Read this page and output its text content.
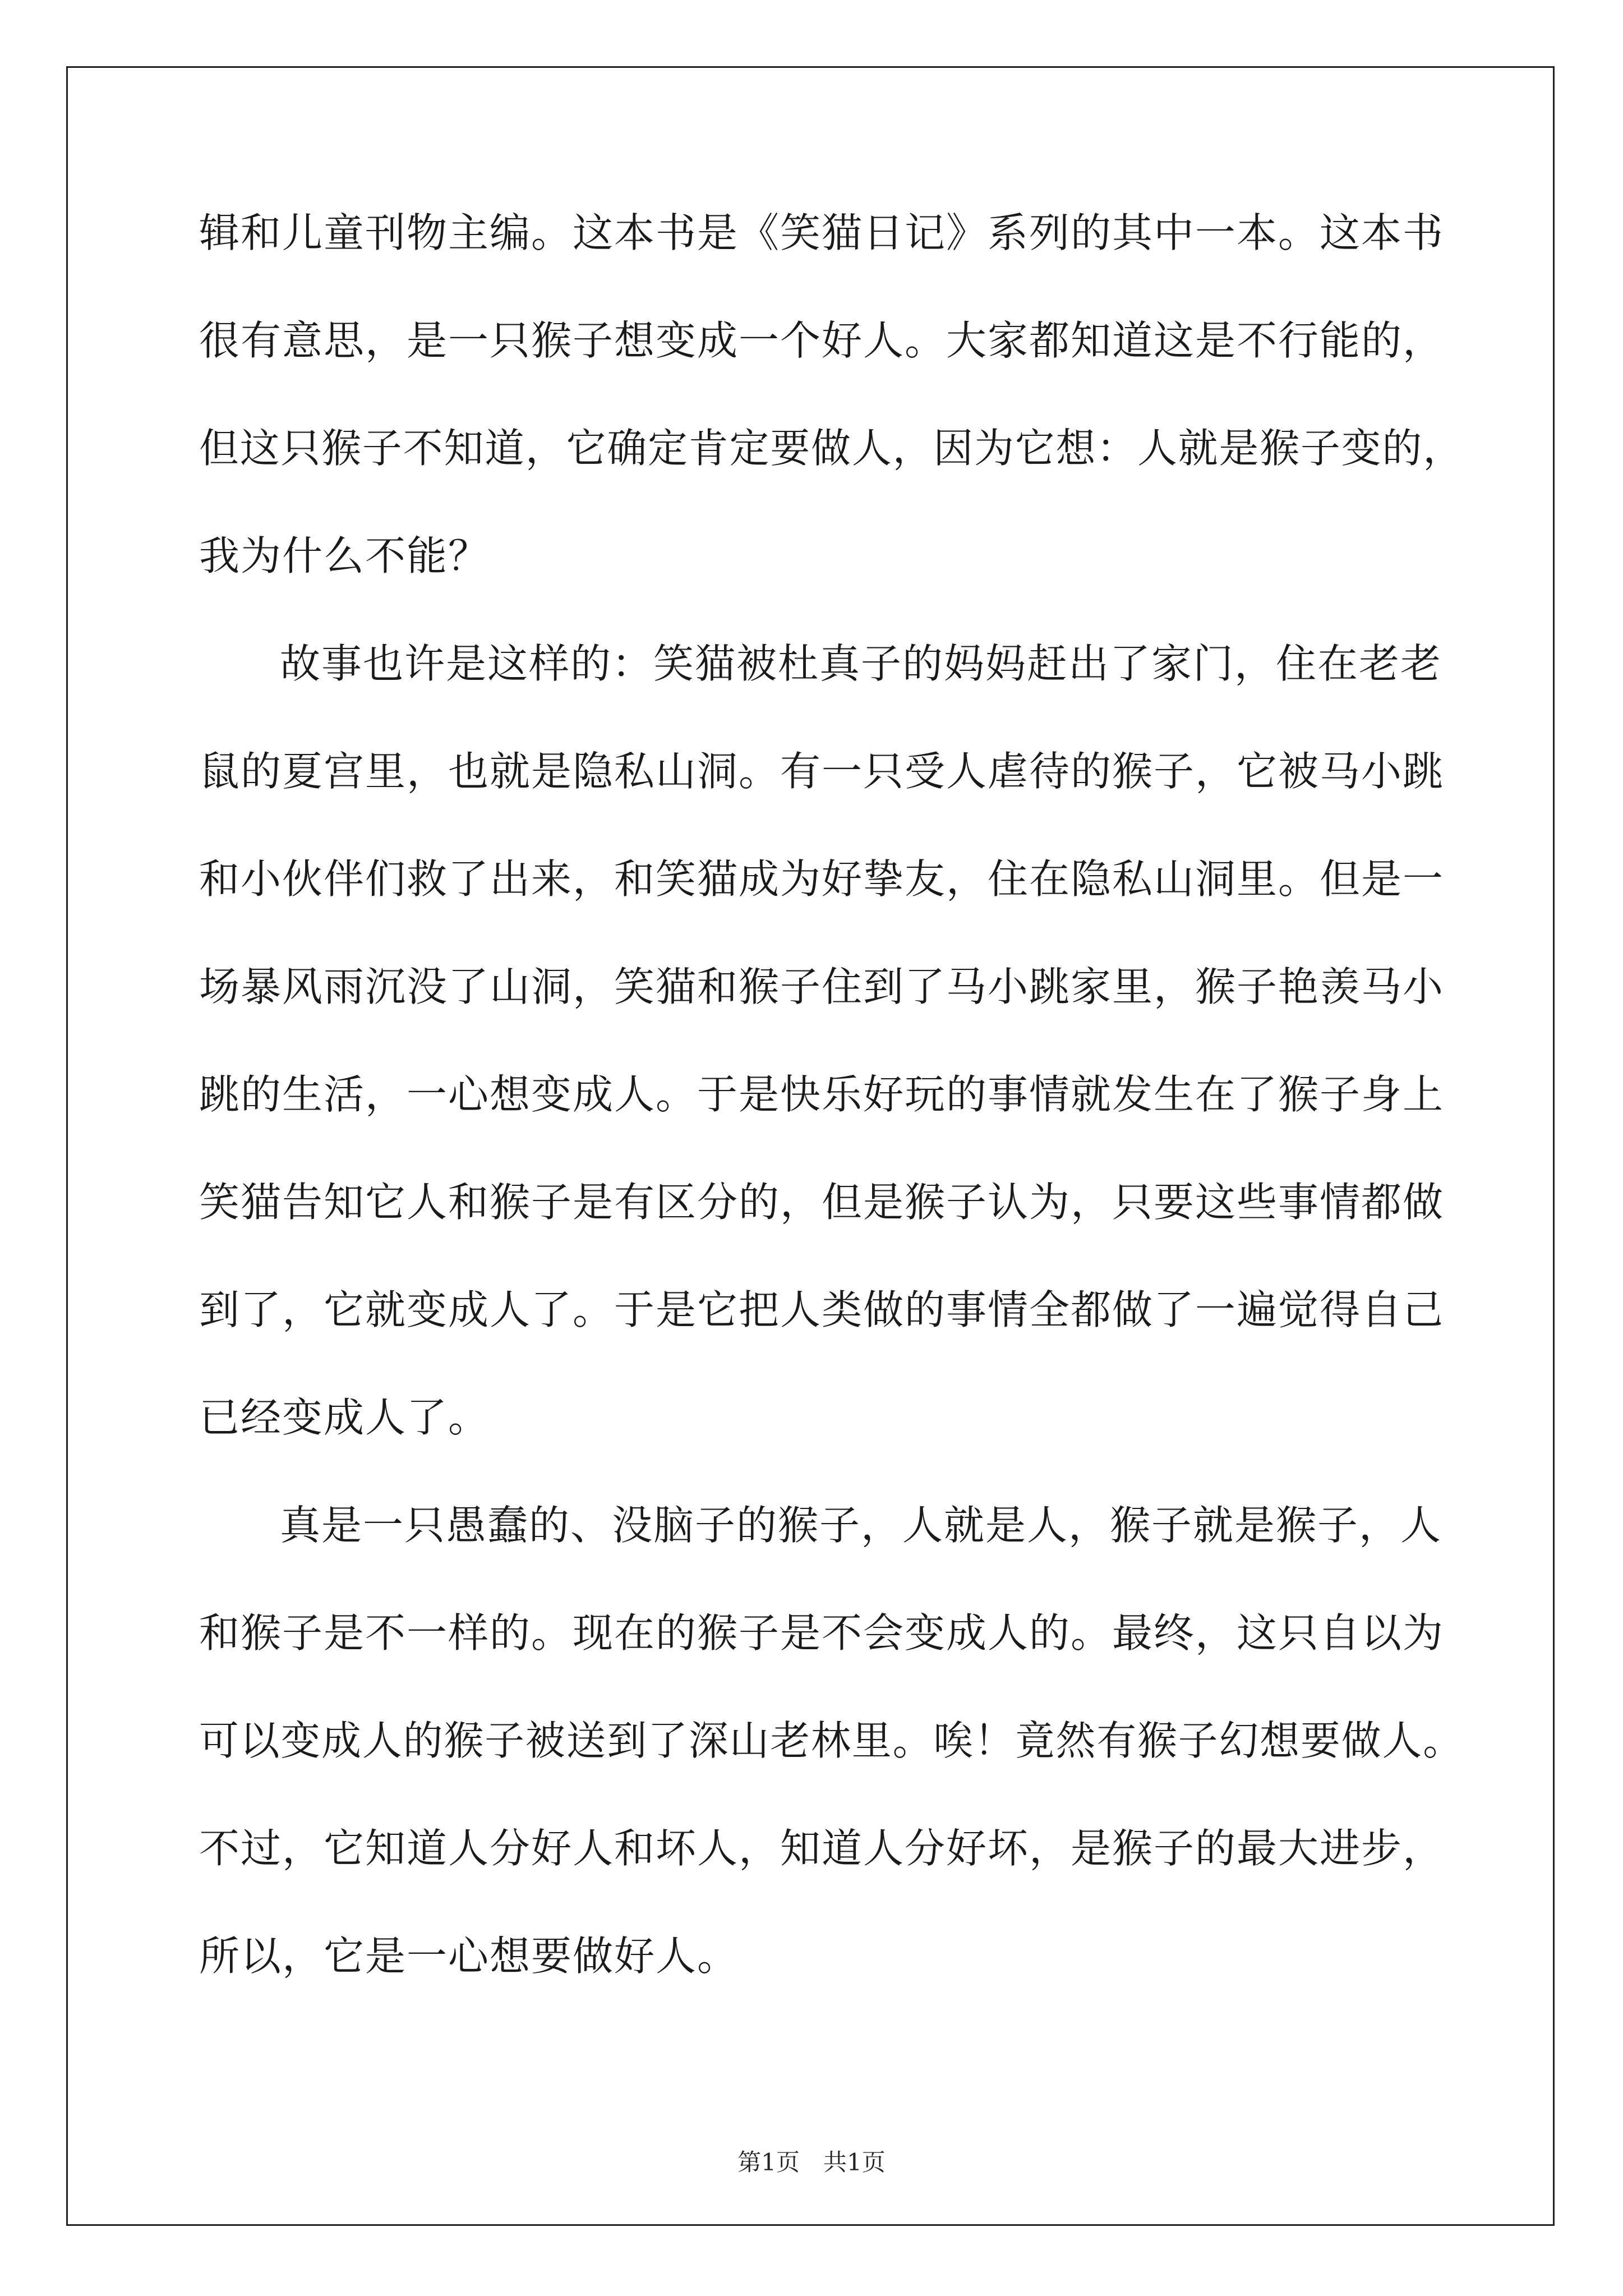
辑和儿童刊物主编。这本书是《笑猫日记》系列的其中一本。这本书
很有意思，是一只猴子想变成一个好人。大家都知道这是不行能的，
但这只猴子不知道，它确定肯定要做人，因为它想：人就是猴子变的，
我为什么不能？
故事也许是这样的：笑猫被杜真子的妈妈赶出了家门，住在老老
鼠的夏宫里，也就是隐私山洞。有一只受人虐待的猴子，它被马小跳
和小伙伴们救了出来，和笑猫成为好挚友，住在隐私山洞里。但是一
场暴风雨沉没了山洞，笑猫和猴子住到了马小跳家里，猴子艳羡马小
跳的生活，一心想变成人。于是快乐好玩的事情就发生在了猴子身上
笑猫告知它人和猴子是有区分的，但是猴子认为，只要这些事情都做
到了，它就变成人了。于是它把人类做的事情全都做了一遍觉得自己
已经变成人了。
真是一只愚蠢的、没脑子的猴子，人就是人，猴子就是猴子，人
和猴子是不一样的。现在的猴子是不会变成人的。最终，这只自以为
可以变成人的猴子被送到了深山老林里。唉！竟然有猴子幻想要做人。
不过，它知道人分好人和坏人，知道人分好坏，是猴子的最大进步，
所以，它是一心想要做好人。
第1页　共1页
